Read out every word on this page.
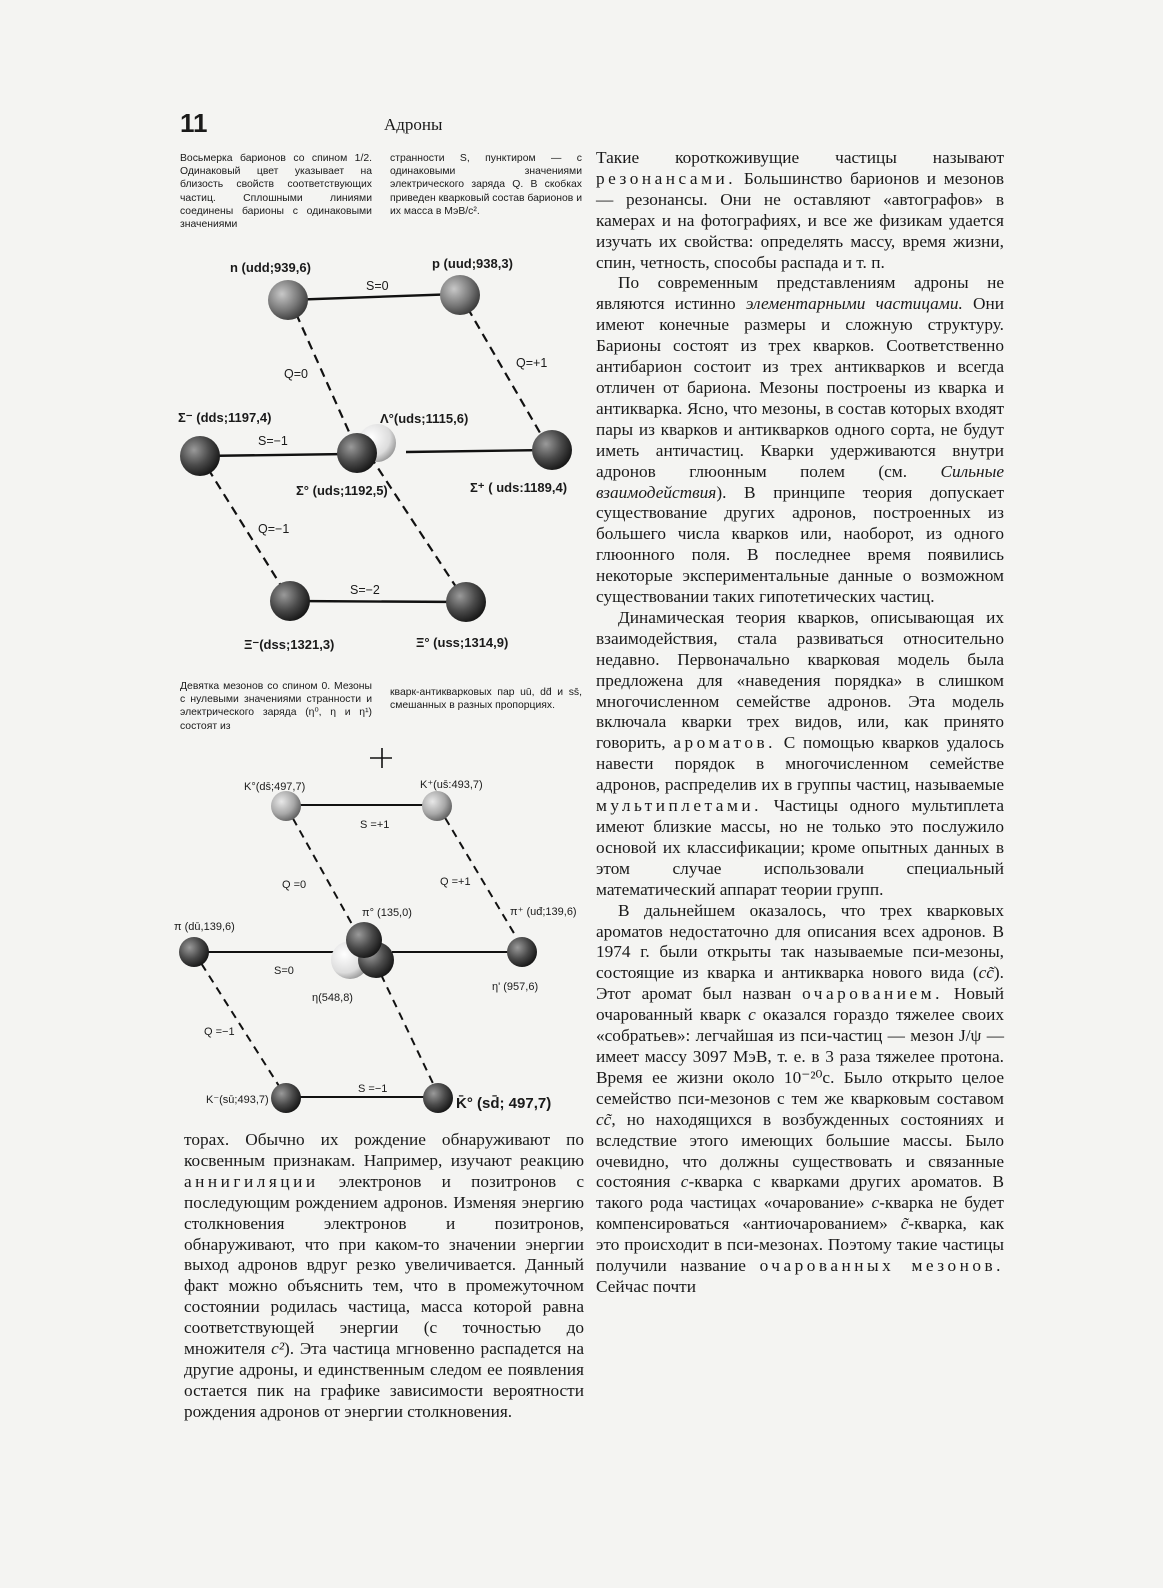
11	Адроны
Восьмерка барионов со спином 1/2. Одинаковый цвет указывает на близость свойств соответствующих частиц. Сплошными линиями соединены барионы с одинаковыми значениями
странности S, пунктиром — с одинаковыми значениями электрического заряда Q. В скобках приведен кварковый состав барионов и их масса в МэВ/с².
Девятка мезонов со спином 0. Мезоны с нулевыми значениями странности и электрического заряда (η⁰, η и η¹) состоят из
кварк-антикварковых пар uū, dd̄ и ss̄, смешанных в разных пропорциях.
n (udd;939,6)	p (uud;938,3)
S=0
Q=0
Q=+1
Σ⁻ (dds;1197,4)	Λ°(uds;1115,6)
S=−1
Σ° (uds;1192,5)	Σ⁺ ( uds:1189,4)
Q=−1
S=−2
Ξ⁻(dss;1321,3)	Ξ° (uss;1314,9)
K°(ds̄;497,7)	K⁺(us̄:493,7)
S =+1
Q =0	Q =+1
π° (135,0)	π⁺ (uđ;139,6)
π (dū,139,6)
S=0
η(548,8)
η' (957,6)
Q =−1
K⁻(sū;493,7)
S =−1
K̄° (sd̄; 497,7)

Такие короткоживущие частицы называют резонансами. Большинство барионов и мезонов — резонансы. Они не оставляют «автографов» в камерах и на фотографиях, и все же физикам удается изучать их свойства: определять массу, время жизни, спин, четность, способы распада и т. п.

По современным представлениям адроны не являются истинно элементарными частицами. Они имеют конечные размеры и сложную структуру. Барионы состоят из трех кварков. Соответственно антибарион состоит из трех антикварков и всегда отличен от бариона. Мезоны построены из кварка и антикварка. Ясно, что мезоны, в состав которых входят пары из кварков и антикварков одного сорта, не будут иметь античастиц. Кварки удерживаются внутри адронов глюонным полем (см. Сильные взаимодействия). В принципе теория допускает существование других адронов, построенных из большего числа кварков или, наоборот, из одного глюонного поля. В последнее время появились некоторые экспериментальные данные о возможном существовании таких гипотетических частиц.

Динамическая теория кварков, описывающая их взаимодействия, стала развиваться относительно недавно. Первоначально кварковая модель была предложена для «наведения порядка» в слишком многочисленном семействе адронов. Эта модель включала кварки трех видов, или, как принято говорить, ароматов. С помощью кварков удалось навести порядок в многочисленном семействе адронов, распределив их в группы частиц, называемые мультиплетами. Частицы одного мультиплета имеют близкие массы, но не только это послужило основой их классификации; кроме опытных данных в этом случае использовали специальный математический аппарат теории групп.

В дальнейшем оказалось, что трех кварковых ароматов недостаточно для описания всех адронов. В 1974 г. были открыты так называемые пси-мезоны, состоящие из кварка и антикварка нового вида (cc̃). Этот аромат был назван очарованием. Новый очарованный кварк c оказался гораздо тяжелее своих «собратьев»: легчайшая из пси-частиц — мезон J/ψ — имеет массу 3097 МэВ, т. е. в 3 раза тяжелее протона. Время ее жизни около 10⁻²⁰с. Было открыто целое семейство пси-мезонов с тем же кварковым составом cc̃, но находящихся в возбужденных состояниях и вследствие этого имеющих большие массы. Было очевидно, что должны существовать и связанные состояния c-кварка с кварками других ароматов. В такого рода частицах «очарование» c-кварка не будет компенсироваться «антиочарованием» c̃-кварка, как это происходит в пси-мезонах. Поэтому такие частицы получили название очарованных мезонов. Сейчас почти

торах. Обычно их рождение обнаруживают по косвенным признакам. Например, изучают реакцию аннигиляции электронов и позитронов с последующим рождением адронов. Изменяя энергию столкновения электронов и позитронов, обнаруживают, что при каком-то значении энергии выход адронов вдруг резко увеличивается. Данный факт можно объяснить тем, что в промежуточном состоянии родилась частица, масса которой равна соответствующей энергии (с точностью до множителя c²). Эта частица мгновенно распадется на другие адроны, и единственным следом ее появления остается пик на графике зависимости вероятности рождения адронов от энергии столкновения.
